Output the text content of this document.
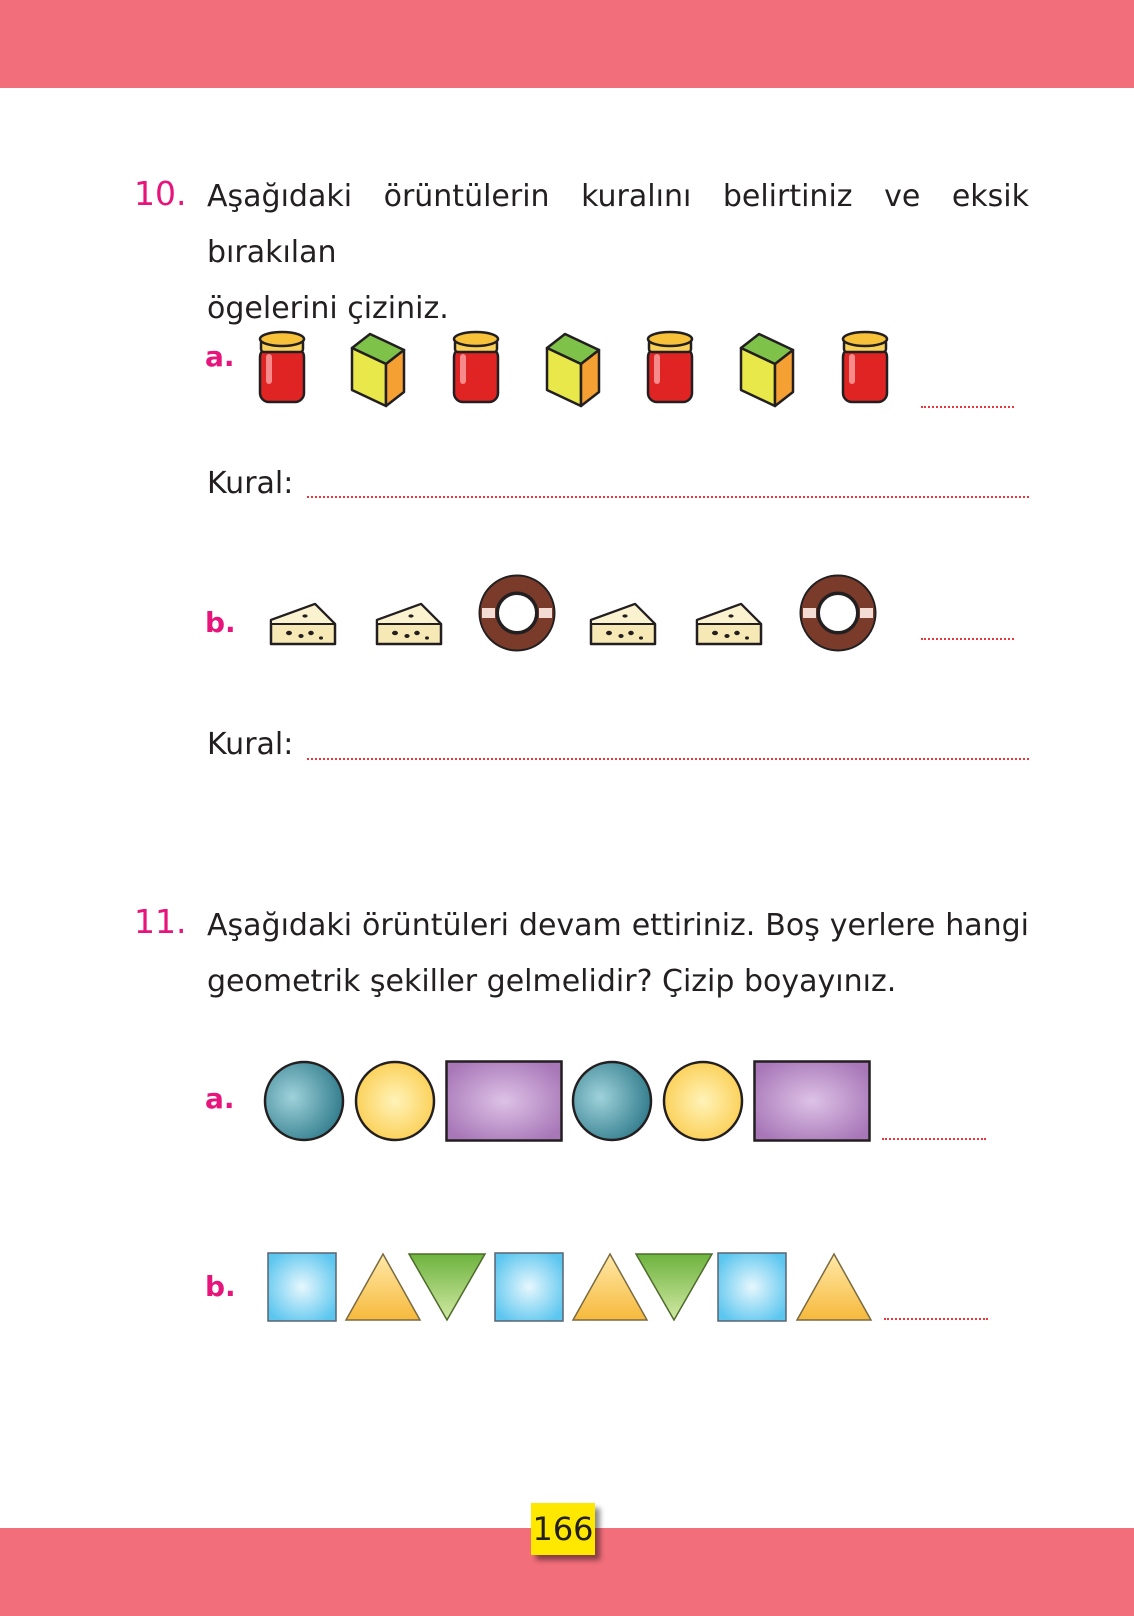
10. Aşağıdaki örüntülerin kuralını belirtiniz ve eksik bırakılan
ögelerini çiziniz.
a.
Kural:
b.
Kural:
11. Aşağıdaki örüntüleri devam ettiriniz. Boş yerlere hangi
geometrik şekiller gelmelidir? Çizip boyayınız.
a.
b.
166
